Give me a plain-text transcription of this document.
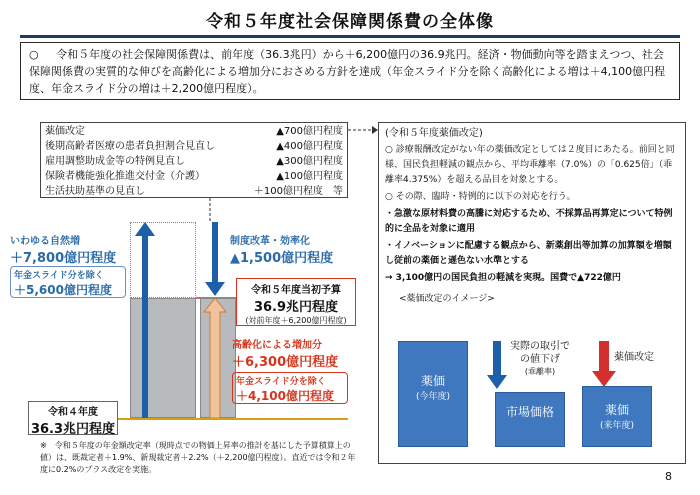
令和５年度社会保障関係費の全体像
○ 令和５年度の社会保障関係費は、前年度（36.3兆円）から＋6,200億円の36.9兆円。経済・物価動向等を踏まえつつ、社会保障関係費の実質的な伸びを高齢化による増加分におさめる方針を達成（年金スライド分を除く高齢化による増は＋4,100億円程度、年金スライド分の増は＋2,200億円程度）。
薬価改定	▲700億円程度
後期高齢者医療の患者負担割合見直し	▲400億円程度
雇用調整助成金等の特例見直し	▲300億円程度
保険者機能強化推進交付金（介護）	▲100億円程度
生活扶助基準の見直し	＋100億円程度　等
いわゆる自然増
＋7,800億円程度
年金スライド分を除く
＋5,600億円程度
制度改革・効率化
▲1,500億円程度
令和５年度当初予算
36.9兆円程度
(対前年度＋6,200億円程度)
高齢化による増加分
＋6,300億円程度
年金スライド分を除く
＋4,100億円程度
令和４年度
36.3兆円程度
※　令和５年度の年金額改定率（現時点での物価上昇率の推計を基にした予算積算上の値）は、既裁定者＋1.9%、新規裁定者＋2.2%（＋2,200億円程度）。直近では令和２年度に0.2%のプラス改定を実施。
(令和５年度薬価改定)
○ 診療報酬改定がない年の薬価改定としては２度目にあたる。前回と同様、国民負担軽減の観点から、平均乖離率（7.0%）の「0.625倍」（乖離率4.375%）を超える品目を対象とする。
○ その際、臨時・特例的に以下の対応を行う。
・急激な原材料費の高騰に対応するため、不採算品再算定について特例的に全品を対象に適用
・イノベーションに配慮する観点から、新薬創出等加算の加算額を増額し従前の薬価と遜色ない水準とする
→ 3,100億円の国民負担の軽減を実現。国費で▲722億円
<薬価改定のイメージ>
薬価
(今年度)
実際の取引での値下げ
(乖離率)
市場価格
薬価改定
薬価
(来年度)
8
